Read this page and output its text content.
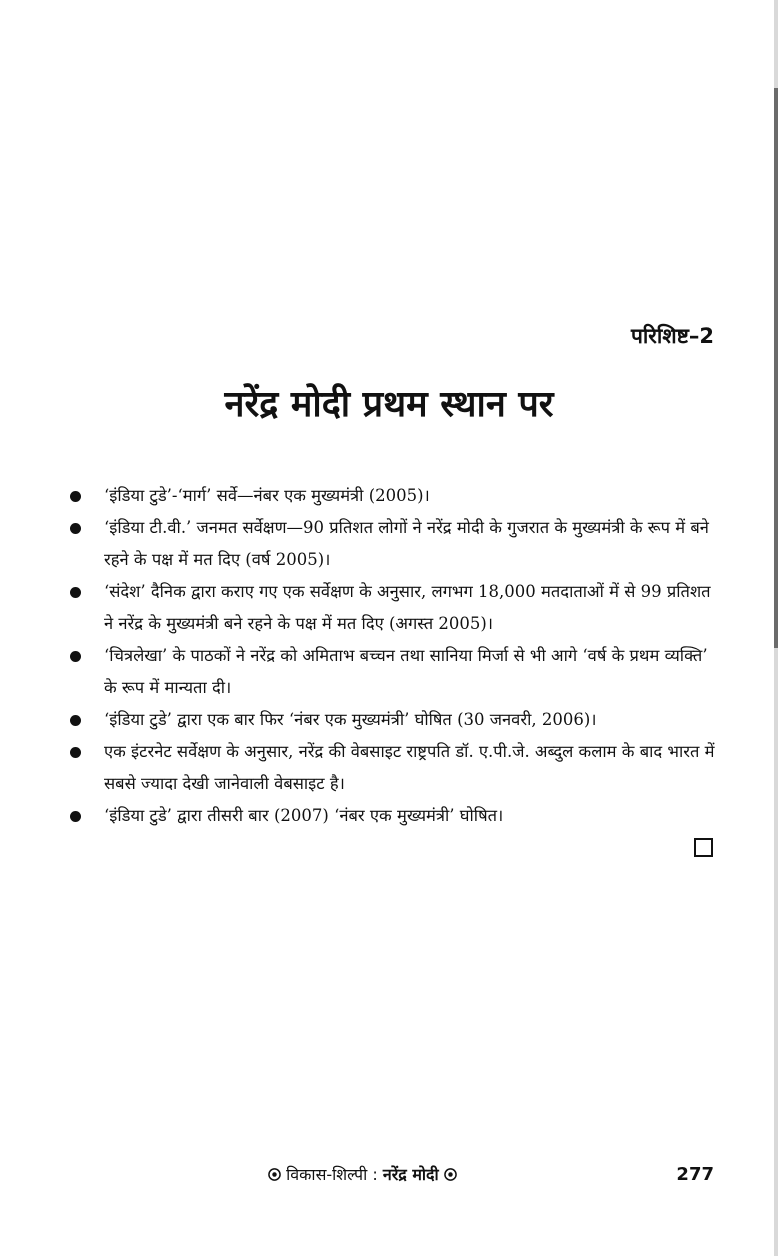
परिशिष्ट–2
नरेंद्र मोदी प्रथम स्थान पर
‘इंडिया टुडे’-‘मार्ग’ सर्वे—नंबर एक मुख्यमंत्री (2005)।
‘इंडिया टी.वी.’ जनमत सर्वेक्षण—90 प्रतिशत लोगों ने नरेंद्र मोदी के गुजरात के मुख्यमंत्री के रूप में बने रहने के पक्ष में मत दिए (वर्ष 2005)।
‘संदेश’ दैनिक द्वारा कराए गए एक सर्वेक्षण के अनुसार, लगभग 18,000 मतदाताओं में से 99 प्रतिशत ने नरेंद्र के मुख्यमंत्री बने रहने के पक्ष में मत दिए (अगस्त 2005)।
‘चित्रलेखा’ के पाठकों ने नरेंद्र को अमिताभ बच्चन तथा सानिया मिर्जा से भी आगे ‘वर्ष के प्रथम व्यक्ति’ के रूप में मान्यता दी।
‘इंडिया टुडे’ द्वारा एक बार फिर ‘नंबर एक मुख्यमंत्री’ घोषित (30 जनवरी, 2006)।
एक इंटरनेट सर्वेक्षण के अनुसार, नरेंद्र की वेबसाइट राष्ट्रपति डॉ. ए.पी.जे. अब्दुल कलाम के बाद भारत में सबसे ज्यादा देखी जानेवाली वेबसाइट है।
‘इंडिया टुडे’ द्वारा तीसरी बार (2007) ‘नंबर एक मुख्यमंत्री’ घोषित।
विकास-शिल्पी : नरेंद्र मोदी	277
